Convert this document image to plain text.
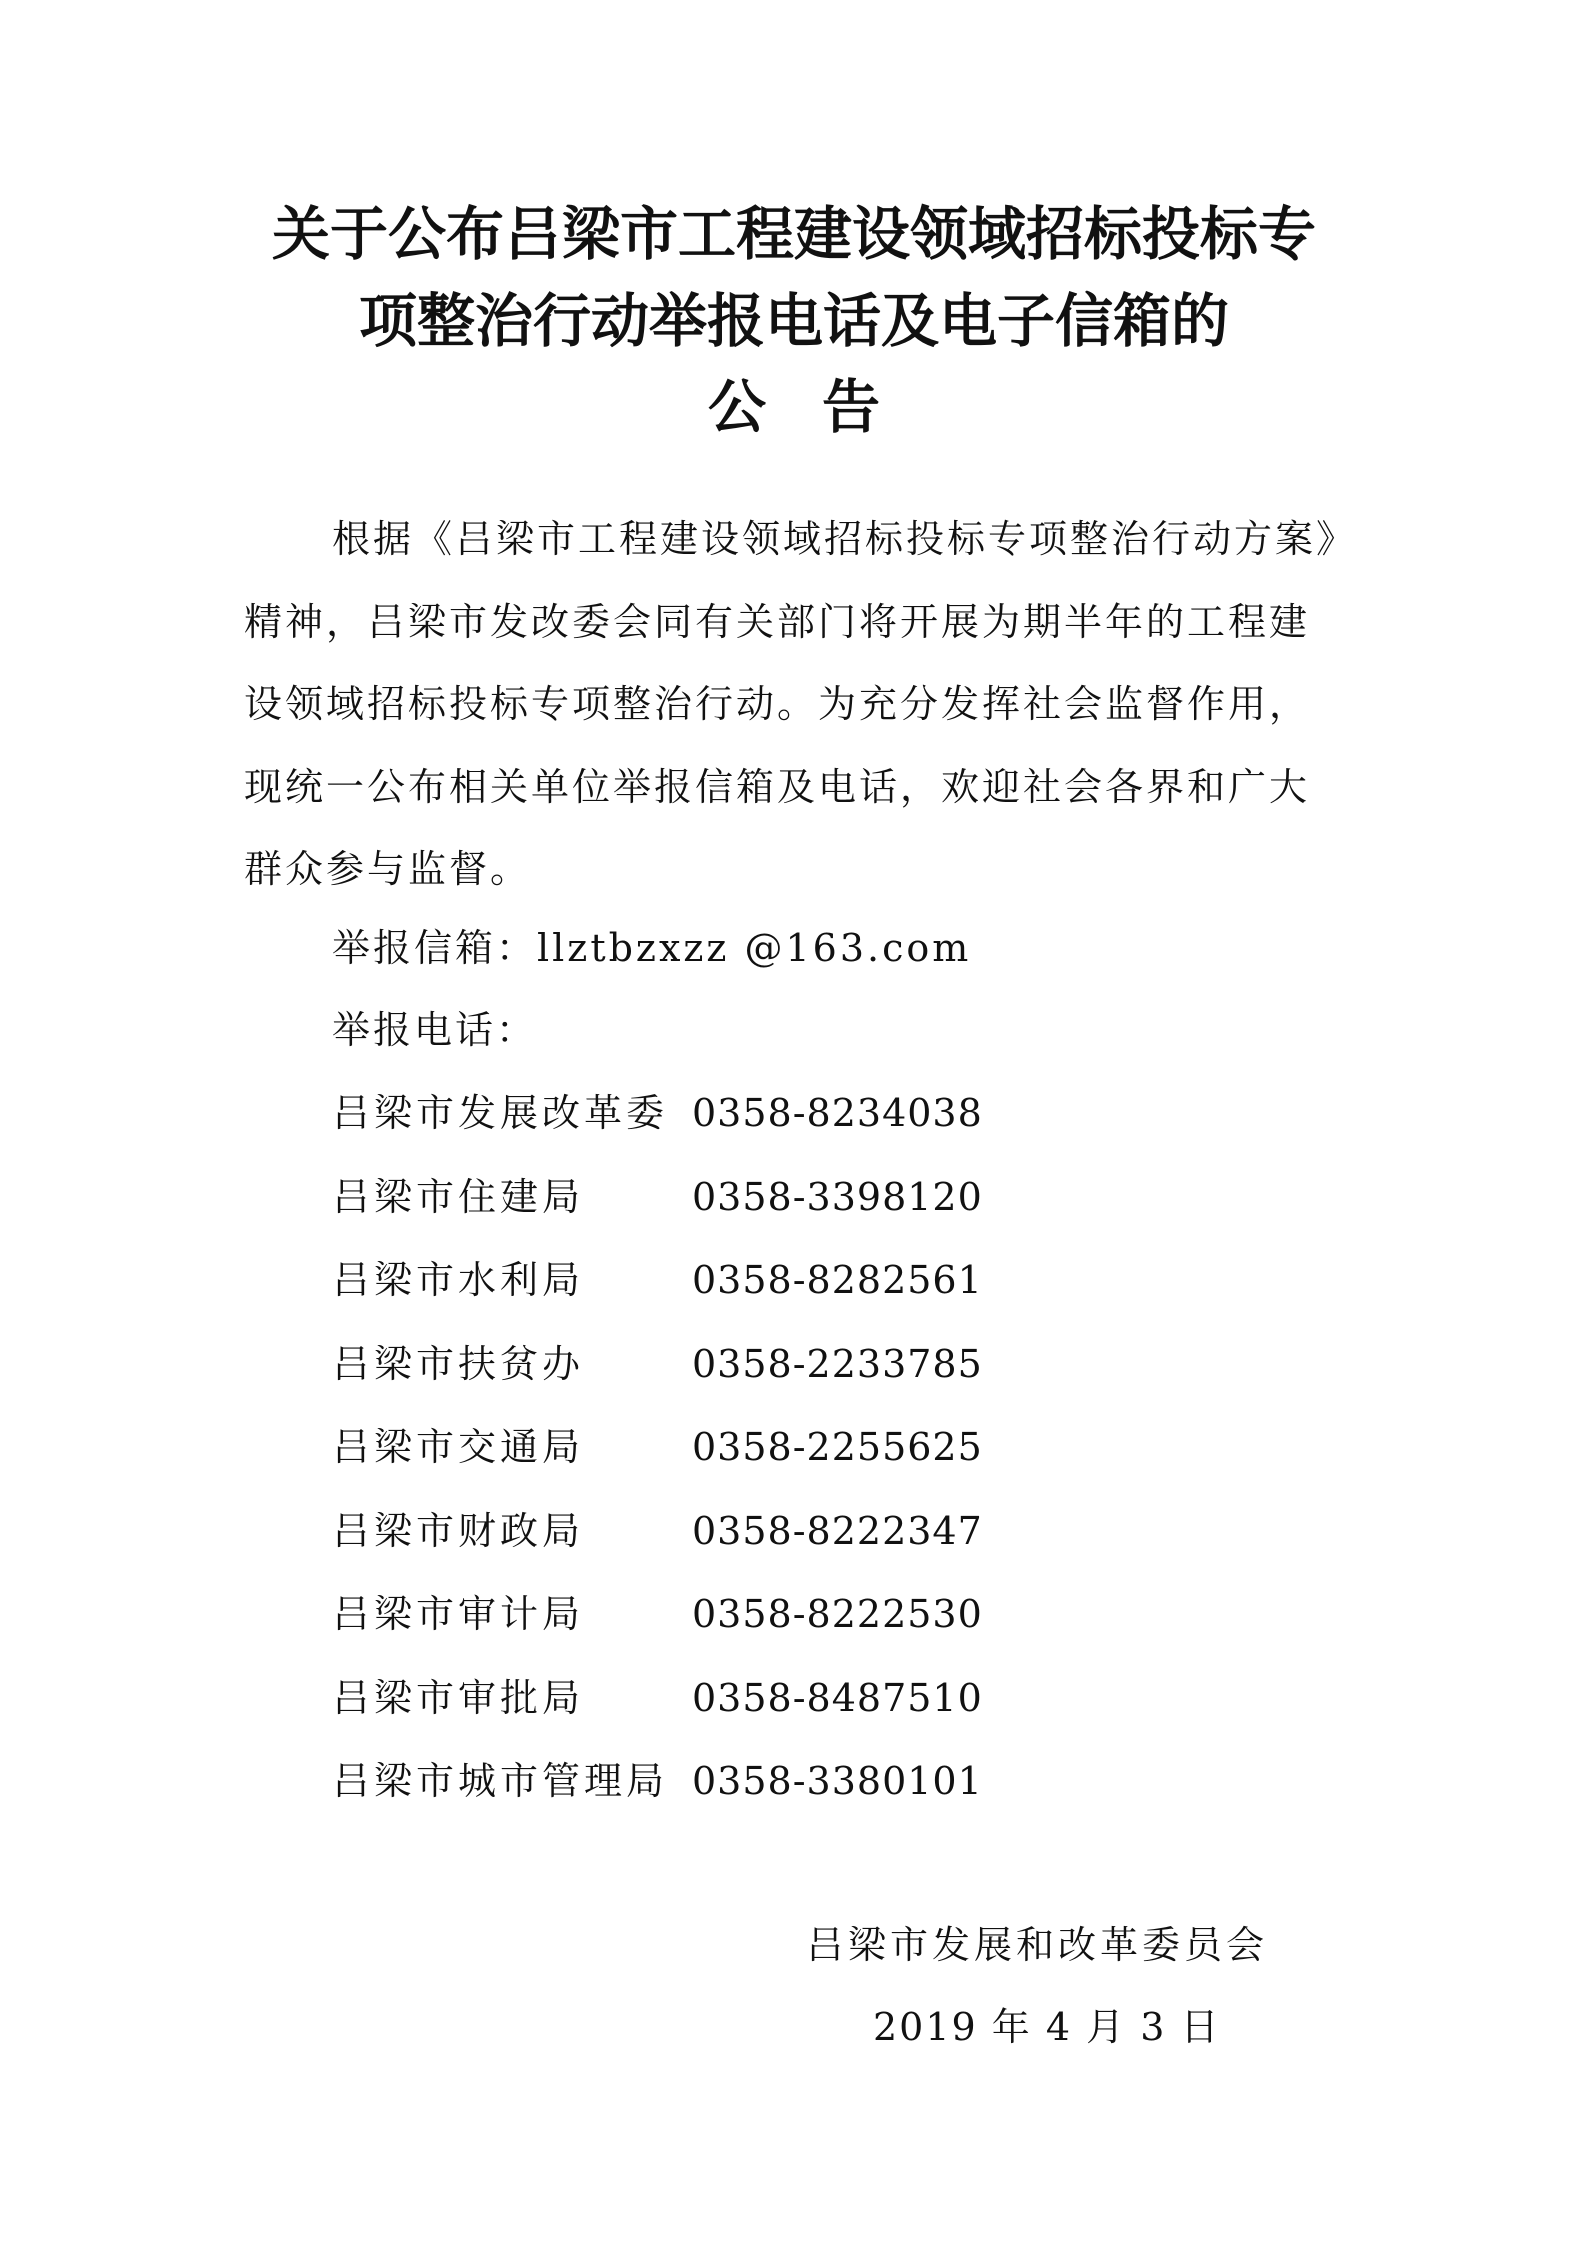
关于公布吕梁市工程建设领域招标投标专
项整治行动举报电话及电子信箱的
公告
根据《吕梁市工程建设领域招标投标专项整治行动方案》
精神，吕梁市发改委会同有关部门将开展为期半年的工程建
设领域招标投标专项整治行动。为充分发挥社会监督作用，
现统一公布相关单位举报信箱及电话，欢迎社会各界和广大
群众参与监督。
举报信箱：llztbzxzz @163.com
举报电话：
吕梁市发展改革委 0358-8234038
吕梁市住建局	0358-3398120
吕梁市水利局	0358-8282561
吕梁市扶贫办	0358-2233785
吕梁市交通局	0358-2255625
吕梁市财政局	0358-8222347
吕梁市审计局	0358-8222530
吕梁市审批局	0358-8487510
吕梁市城市管理局 0358-3380101
吕梁市发展和改革委员会
2019 年 4 月 3 日
